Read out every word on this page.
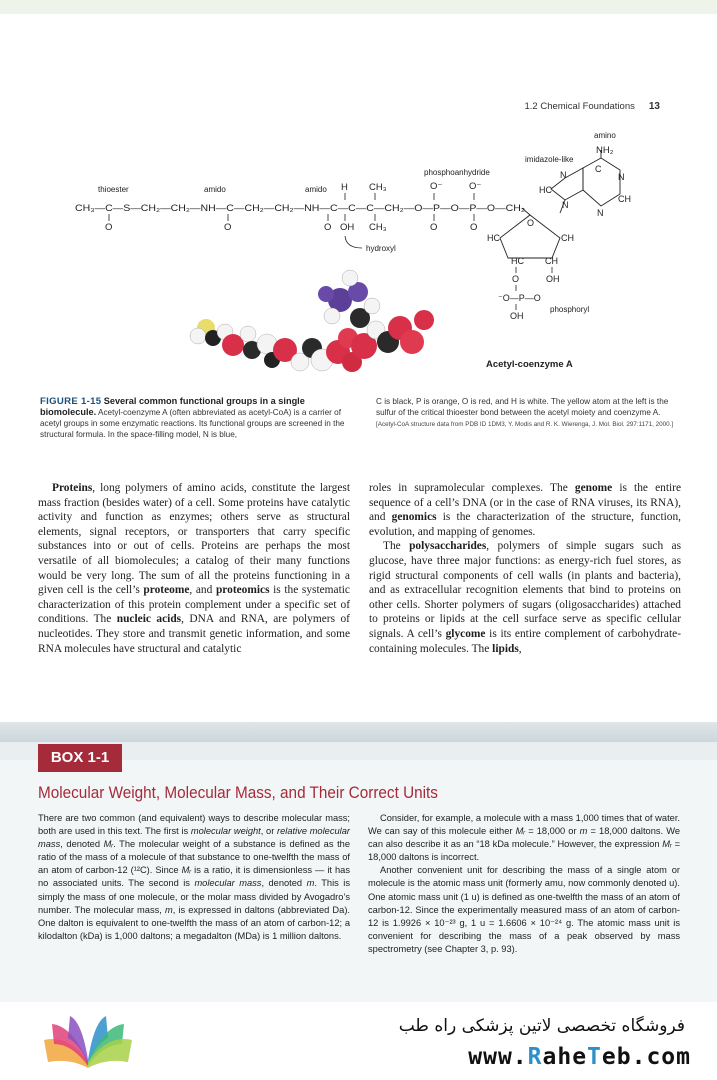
1.2 Chemical Foundations 13
thioester	amido	amido
phosphoanhydride
imidazole-like
amino
NH₂
CH₃—C—S—CH₂—CH₂—NH—C—CH₂—CH₂—NH—C—C—C—CH₂—O—P—O—P—O—CH₂
O	O	O
H
OH
CH₃
CH₃
O⁻
O
O⁻
O
hydroxyl
O
HC	CH
HC CH
OH
O
⁻O—P—O
OH
phosphoryl
N
HC
N
C
N
CH
N
Acetyl-coenzyme A
FIGURE 1-15 Several common functional groups in a single biomolecule. Acetyl-coenzyme A (often abbreviated as acetyl-CoA) is a carrier of acetyl groups in some enzymatic reactions. Its functional groups are screened in the structural formula. In the space-filling model, N is blue,
C is black, P is orange, O is red, and H is white. The yellow atom at the left is the sulfur of the critical thioester bond between the acetyl moiety and coenzyme A. [Acetyl-CoA structure data from PDB ID 1DM3, Y. Modis and R. K. Wierenga, J. Mol. Biol. 297:1171, 2000.]

Proteins, long polymers of amino acids, constitute the largest mass fraction (besides water) of a cell. Some proteins have catalytic activity and function as enzymes; others serve as structural elements, signal receptors, or transporters that carry specific substances into or out of cells. Proteins are perhaps the most versatile of all biomolecules; a catalog of their many functions would be very long. The sum of all the proteins functioning in a given cell is the cell’s proteome, and proteomics is the systematic characterization of this protein complement under a specific set of conditions. The nucleic acids, DNA and RNA, are polymers of nucleotides. They store and transmit genetic information, and some RNA molecules have structural and catalytic

roles in supramolecular complexes. The genome is the entire sequence of a cell’s DNA (or in the case of RNA viruses, its RNA), and genomics is the characterization of the structure, function, evolution, and mapping of genomes.

The polysaccharides, polymers of simple sugars such as glucose, have three major functions: as energy-rich fuel stores, as rigid structural components of cell walls (in plants and bacteria), and as extracellular recognition elements that bind to proteins on other cells. Shorter polymers of sugars (oligosaccharides) attached to proteins or lipids at the cell surface serve as specific cellular signals. A cell’s glycome is its entire complement of carbohydrate-containing molecules. The lipids,

BOX 1-1
Molecular Weight, Molecular Mass, and Their Correct Units

There are two common (and equivalent) ways to describe molecular mass; both are used in this text. The first is molecular weight, or relative molecular mass, denoted Mᵣ. The molecular weight of a substance is defined as the ratio of the mass of a molecule of that substance to one-twelfth the mass of an atom of carbon-12 (¹²C). Since Mᵣ is a ratio, it is dimensionless — it has no associated units. The second is molecular mass, denoted m. This is simply the mass of one molecule, or the molar mass divided by Avogadro’s number. The molecular mass, m, is expressed in daltons (abbreviated Da). One dalton is equivalent to one-twelfth the mass of an atom of carbon-12; a kilodalton (kDa) is 1,000 daltons; a megadalton (MDa) is 1 million daltons.

Consider, for example, a molecule with a mass 1,000 times that of water. We can say of this molecule either Mᵣ = 18,000 or m = 18,000 daltons. We can also describe it as an “18 kDa molecule.” However, the expression Mᵣ = 18,000 daltons is incorrect.

Another convenient unit for describing the mass of a single atom or molecule is the atomic mass unit (formerly amu, now commonly denoted u). One atomic mass unit (1 u) is defined as one-twelfth the mass of an atom of carbon-12. Since the experimentally measured mass of an atom of carbon-12 is 1.9926 × 10⁻²³ g, 1 u = 1.6606 × 10⁻²⁴ g. The atomic mass unit is convenient for describing the mass of a peak observed by mass spectrometry (see Chapter 3, p. 93).

فروشگاه تخصصی لاتین پزشکی راه طب
www.RaheTeb.com
